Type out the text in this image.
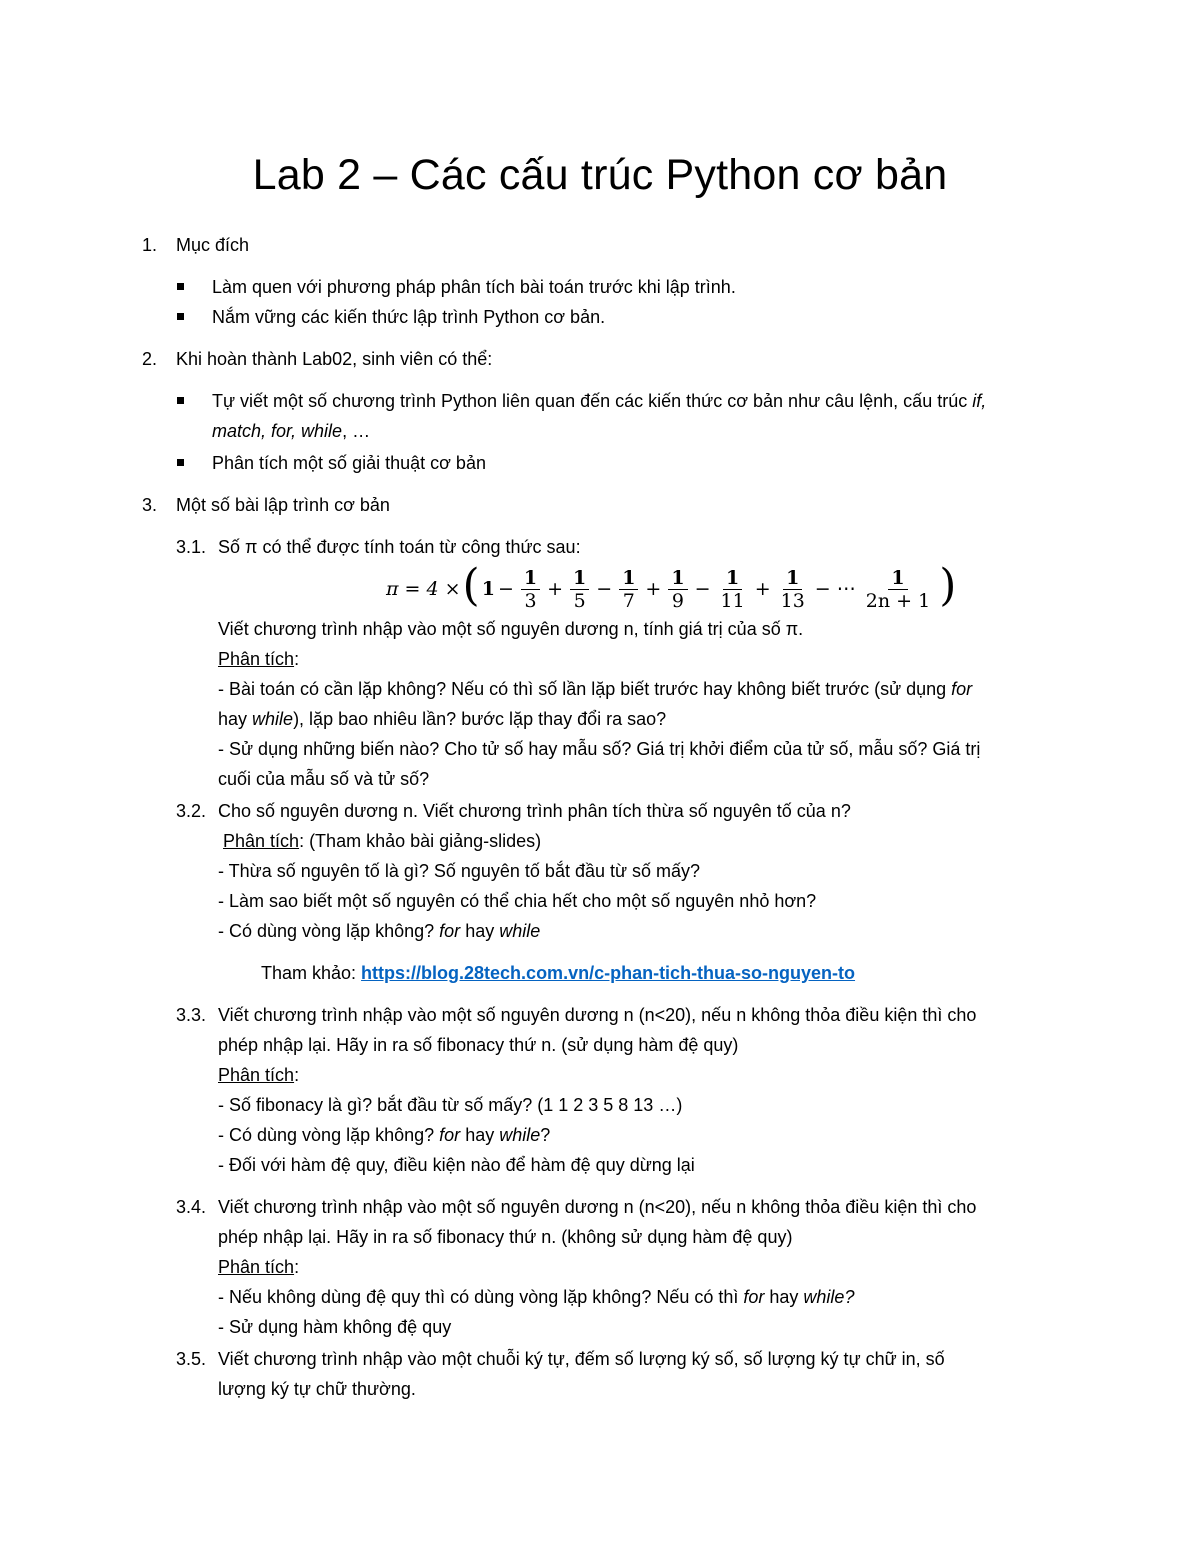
Lab 2 – Các cấu trúc Python cơ bản
1. Mục đích
Làm quen với phương pháp phân tích bài toán trước khi lập trình.
Nắm vững các kiến thức lập trình Python cơ bản.
2. Khi hoàn thành Lab02, sinh viên có thể:
Tự viết một số chương trình Python liên quan đến các kiến thức cơ bản như câu lệnh, cấu trúc if,
match, for, while, …
Phân tích một số giải thuật cơ bản
3. Một số bài lập trình cơ bản
3.1. Số π có thể được tính toán từ công thức sau:
π = 4 × ( $1 - \frac{1}{3} + \frac{1}{5} - \frac{1}{7} + \frac{1}{9} - \frac{1}{11} + \frac{1}{13}$ − ⋯ $\frac{1}{2n + 1}$ )
Viết chương trình nhập vào một số nguyên dương n, tính giá trị của số π.
Phân tích:
- Bài toán có cần lặp không? Nếu có thì số lần lặp biết trước hay không biết trước (sử dụng for
hay while), lặp bao nhiêu lần? bước lặp thay đổi ra sao?
- Sử dụng những biến nào? Cho tử số hay mẫu số? Giá trị khởi điểm của tử số, mẫu số? Giá trị
cuối của mẫu số và tử số?
3.2. Cho số nguyên dương n. Viết chương trình phân tích thừa số nguyên tố của n?
Phân tích: (Tham khảo bài giảng-slides)
- Thừa số nguyên tố là gì? Số nguyên tố bắt đầu từ số mấy?
- Làm sao biết một số nguyên có thể chia hết cho một số nguyên nhỏ hơn?
- Có dùng vòng lặp không? for hay while
Tham khảo: https://blog.28tech.com.vn/c-phan-tich-thua-so-nguyen-to
3.3. Viết chương trình nhập vào một số nguyên dương n (n<20), nếu n không thỏa điều kiện thì cho
phép nhập lại. Hãy in ra số fibonacy thứ n. (sử dụng hàm đệ quy)
Phân tích:
- Số fibonacy là gì? bắt đầu từ số mấy? (1 1 2 3 5 8 13 …)
- Có dùng vòng lặp không? for hay while?
- Đối với hàm đệ quy, điều kiện nào để hàm đệ quy dừng lại
3.4. Viết chương trình nhập vào một số nguyên dương n (n<20), nếu n không thỏa điều kiện thì cho
phép nhập lại. Hãy in ra số fibonacy thứ n. (không sử dụng hàm đệ quy)
Phân tích:
- Nếu không dùng đệ quy thì có dùng vòng lặp không? Nếu có thì for hay while?
- Sử dụng hàm không đệ quy
3.5. Viết chương trình nhập vào một chuỗi ký tự, đếm số lượng ký số, số lượng ký tự chữ in, số
lượng ký tự chữ thường.
